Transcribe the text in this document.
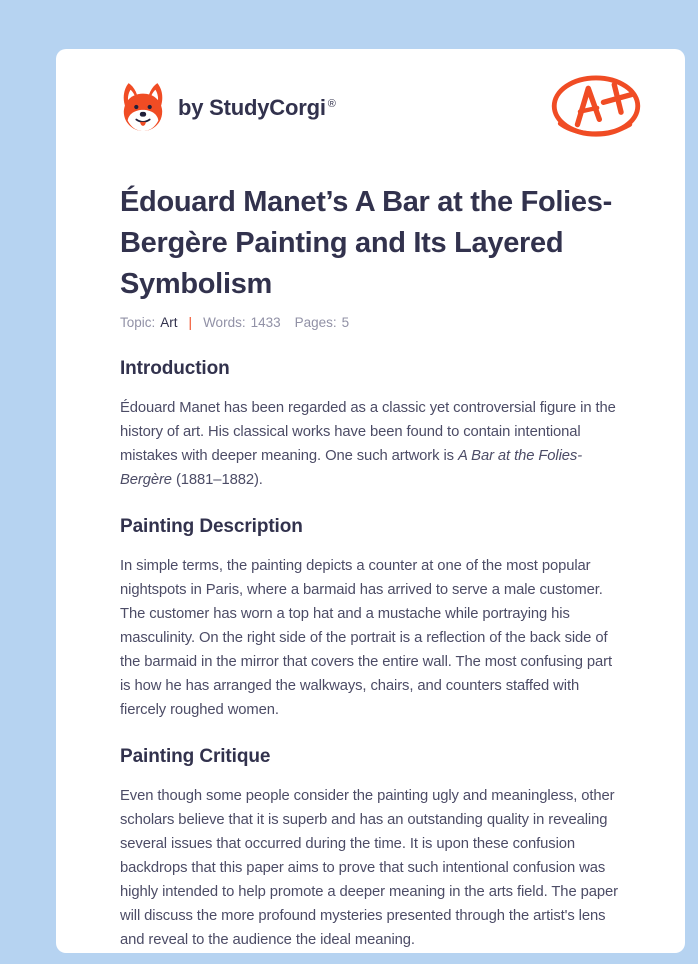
by StudyCorgi ®
Édouard Manet’s A Bar at the Folies-Bergère Painting and Its Layered Symbolism
Topic: Art | Words: 1433 Pages: 5
Introduction

Édouard Manet has been regarded as a classic yet controversial figure in the history of art. His classical works have been found to contain intentional mistakes with deeper meaning. One such artwork is A Bar at the Folies-Bergère (1881–1882).

Painting Description

In simple terms, the painting depicts a counter at one of the most popular nightspots in Paris, where a barmaid has arrived to serve a male customer. The customer has worn a top hat and a mustache while portraying his masculinity. On the right side of the portrait is a reflection of the back side of the barmaid in the mirror that covers the entire wall. The most confusing part is how he has arranged the walkways, chairs, and counters staffed with fiercely roughed women.

Painting Critique

Even though some people consider the painting ugly and meaningless, other scholars believe that it is superb and has an outstanding quality in revealing several issues that occurred during the time. It is upon these confusion backdrops that this paper aims to prove that such intentional confusion was highly intended to help promote a deeper meaning in the arts field. The paper will discuss the more profound mysteries presented through the artist's lens and reveal to the audience the ideal meaning.
